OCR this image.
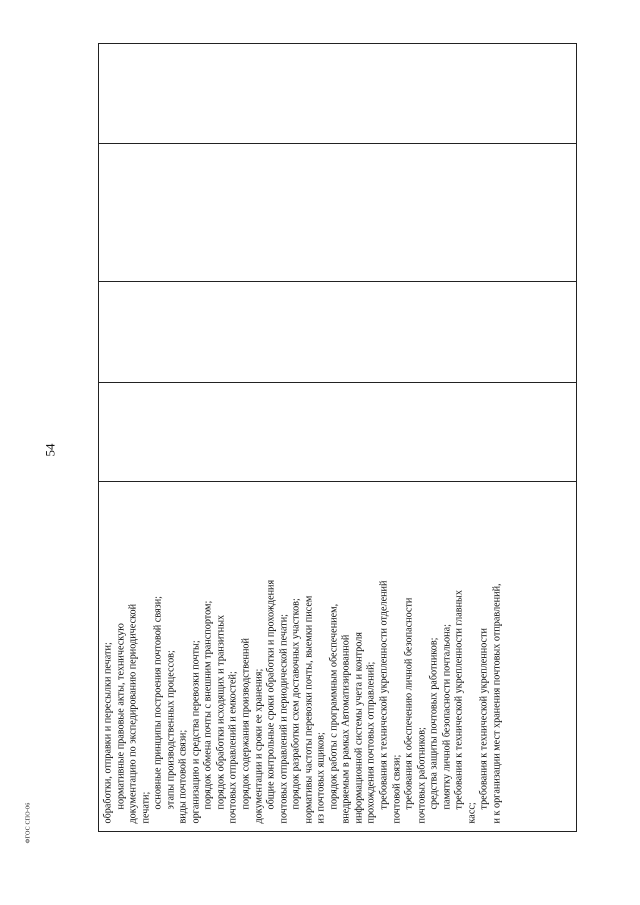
54
обработки, отправки и пересылки печати; нормативные правовые акты, техническую документацию по экспедированию периодической печати; основные принципы построения почтовой связи; этапы производственных процессов; виды почтовой связи; организацию и средства перевозки почты; порядок обмена почты с внешним транспортом; порядок обработки исходящих и транзитных почтовых отправлений и емкостей; порядок содержания производственной документации и сроки ее хранения; общие контрольные сроки обработки и прохождения почтовых отправлений и периодической печати; порядок разработки схем доставочных участков; нормативы частоты перевозки почты, выемки писем из почтовых ящиков; порядок работы с программным обеспечением, внедряемым в рамках Автоматизированной информационной системы учета и контроля прохождения почтовых отправлений; требования к технической укрепленности отделений почтовой связи; требования к обеспечению личной безопасности почтовых работников; средства защиты почтовых работников; памятку личной безопасности почтальона; требования к технической укрепленности главных
касс;
требования к технической укрепленности и к организации мест хранения почтовых отправлений,
ФГОС СПО-06
